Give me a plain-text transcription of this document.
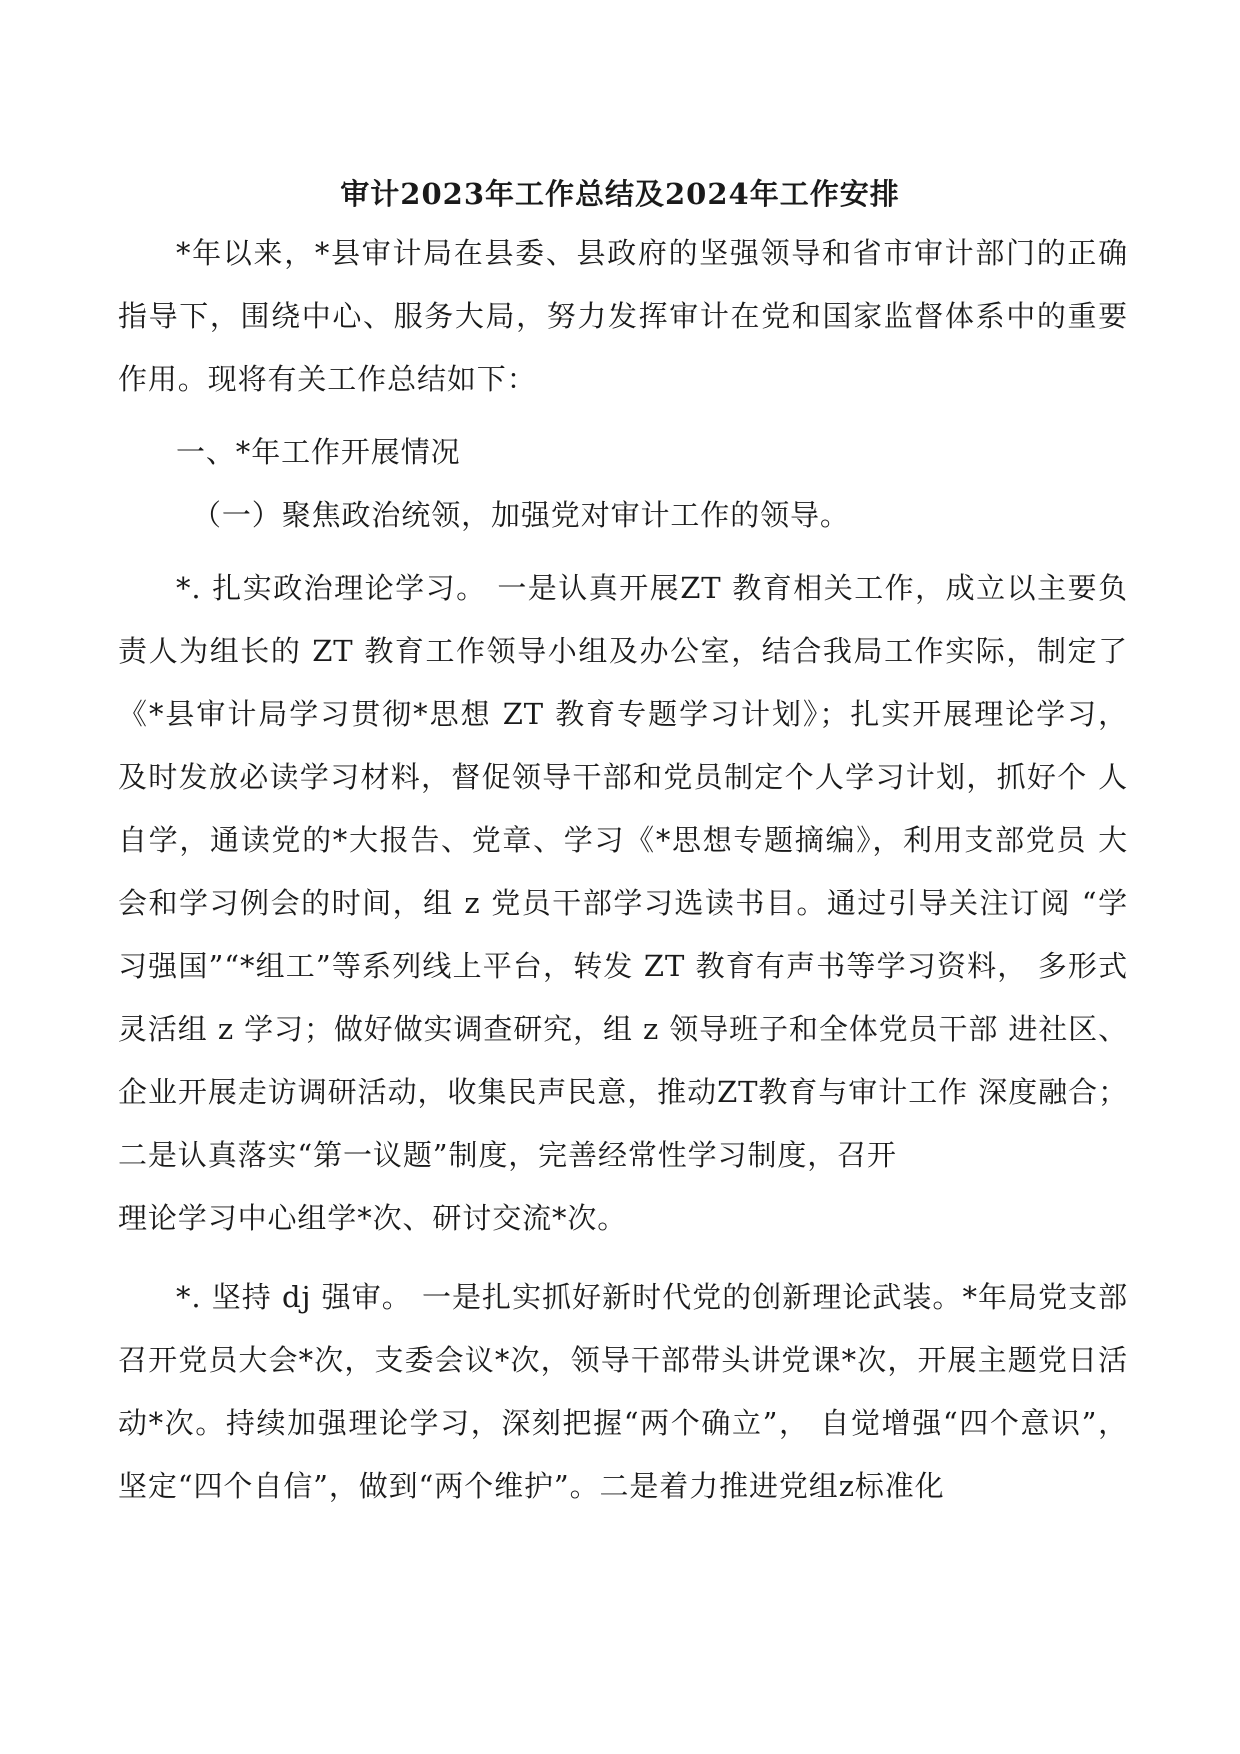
审计2023年工作总结及2024年工作安排

*年以来，*县审计局在县委、县政府的坚强领导和省市审计部门的正确指导下，围绕中心、服务大局，努力发挥审计在党和国家监督体系中的重要作用。现将有关工作总结如下：

一、*年工作开展情况

（一）聚焦政治统领，加强党对审计工作的领导。

*. 扎实政治理论学习。 一是认真开展ZT 教育相关工作，成立以主要负 责人为组长的 ZT 教育工作领导小组及办公室，结合我局工作实际，制定了 《*县审计局学习贯彻*思想 ZT 教育专题学习计划》；扎实开展理论学习， 及时发放必读学习材料，督促领导干部和党员制定个人学习计划，抓好个 人自学，通读党的*大报告、党章、学习《*思想专题摘编》，利用支部党员 大会和学习例会的时间，组 z 党员干部学习选读书目。通过引导关注订阅 “学习强国”“*组工”等系列线上平台，转发 ZT 教育有声书等学习资料， 多形式灵活组 z 学习；做好做实调查研究，组 z 领导班子和全体党员干部 进社区、企业开展走访调研活动，收集民声民意，推动ZT教育与审计工作 深度融合；二是认真落实“第一议题”制度，完善经常性学习制度，召开

理论学习中心组学*次、研讨交流*次。

*. 坚持 dj 强审。 一是扎实抓好新时代党的创新理论武装。*年局党支部召开党员大会*次，支委会议*次，领导干部带头讲党课*次，开展主题党日活动*次。持续加强理论学习，深刻把握“两个确立”， 自觉增强“四个意识”，坚定“四个自信”，做到“两个维护”。二是着力推进党组z标准化
